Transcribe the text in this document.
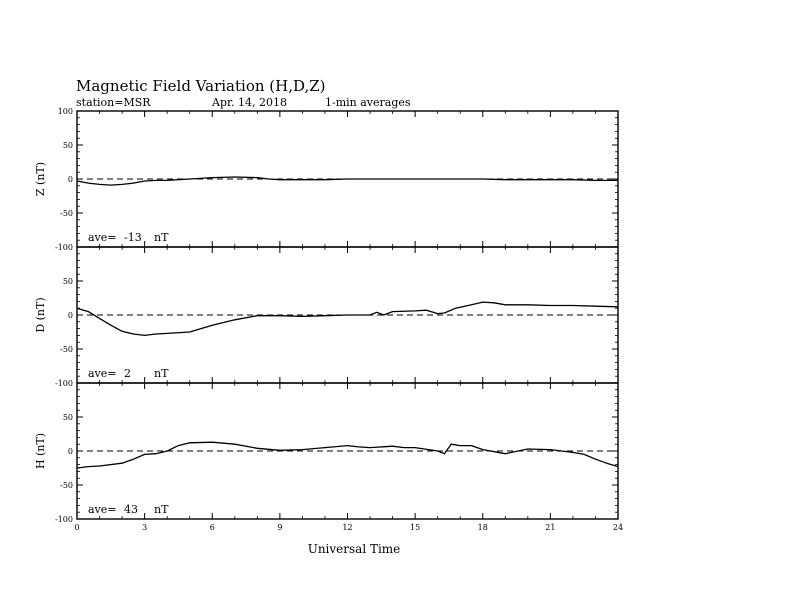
Magnetic Field Variation (H,D,Z)
station=MSR	Apr. 14, 2018	1-min averages
Universal Time
100
50
0
-50
-100
Z (nT)
ave= -13 nT
50
0
-50
-100
D (nT)
ave= 2 nT
50
0
-50
-100
H (nT)
ave= 43 nT
0	3	6	9	12	15	18	21	24
